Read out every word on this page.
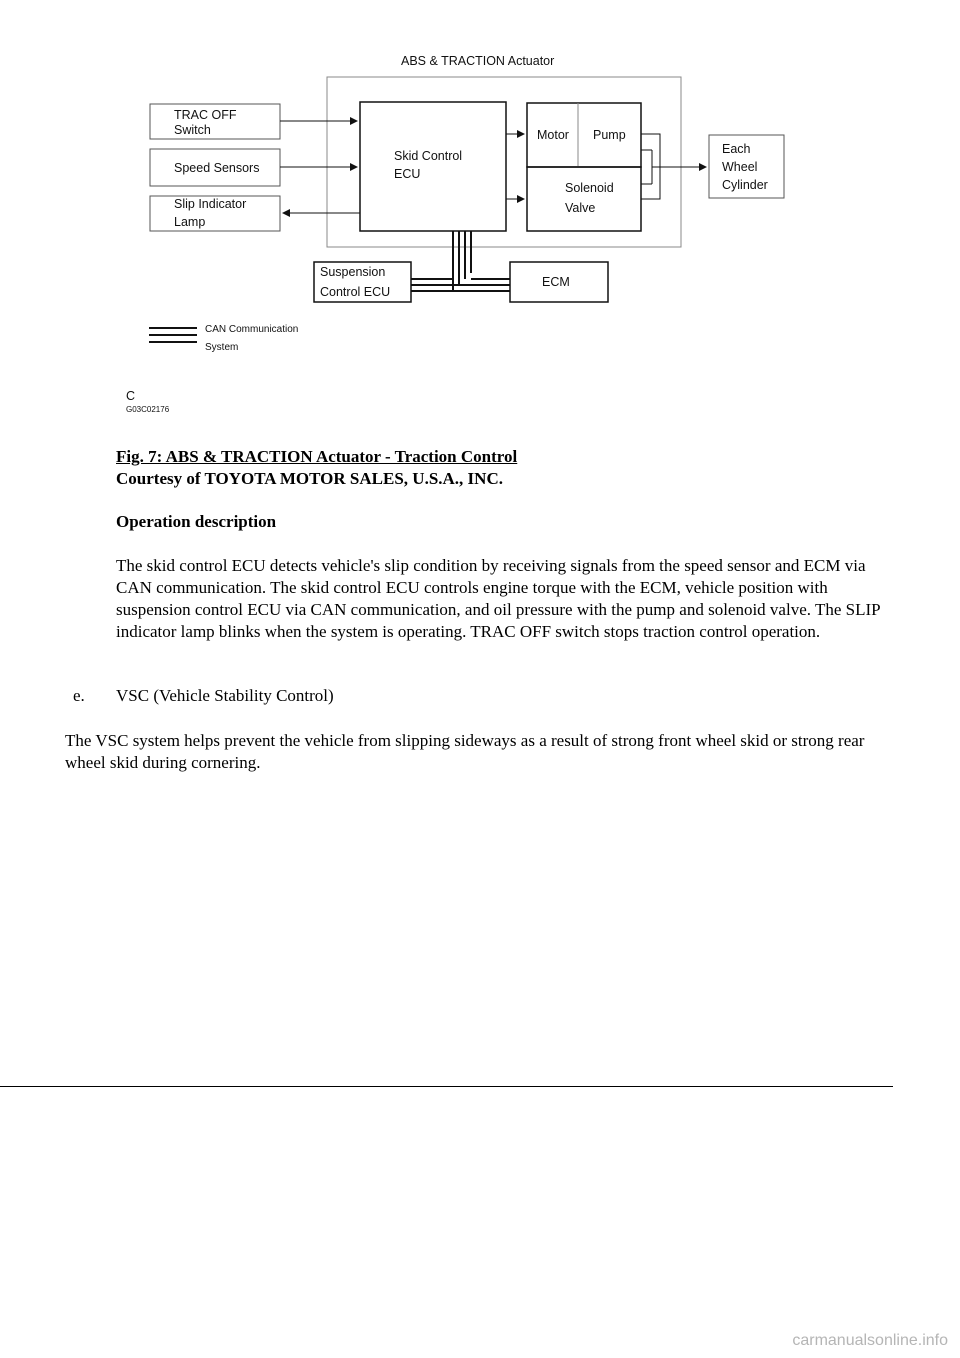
ABS & TRACTION Actuator
TRAC OFF
Switch
Speed Sensors
Slip Indicator
Lamp
Skid Control
ECU
Motor Pump
Solenoid
Valve
Each
Wheel
Cylinder
Suspension
Control ECU
ECM
CAN Communication
System
C
G03C02176
Fig. 7: ABS & TRACTION Actuator - Traction Control
Courtesy of TOYOTA MOTOR SALES, U.S.A., INC.
Operation description
The skid control ECU detects vehicle's slip condition by receiving signals from the speed sensor and ECM via CAN communication. The skid control ECU controls engine torque with the ECM, vehicle position with suspension control ECU via CAN communication, and oil pressure with the pump and solenoid valve. The SLIP indicator lamp blinks when the system is operating. TRAC OFF switch stops traction control operation.
e. VSC (Vehicle Stability Control)
The VSC system helps prevent the vehicle from slipping sideways as a result of strong front wheel skid or strong rear wheel skid during cornering.
carmanualsonline.info
